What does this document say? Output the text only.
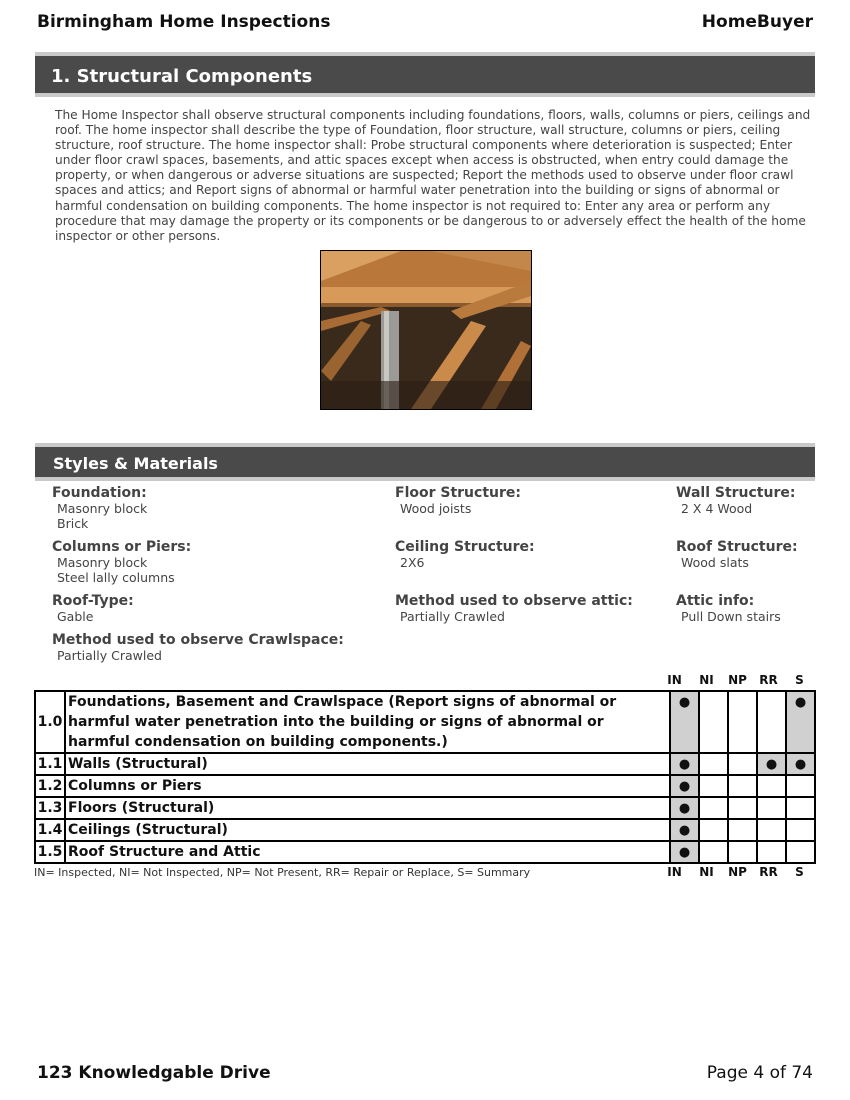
Birmingham Home Inspections	HomeBuyer
1. Structural Components
The Home Inspector shall observe structural components including foundations, floors, walls, columns or piers, ceilings and roof. The home inspector shall describe the type of Foundation, floor structure, wall structure, columns or piers, ceiling structure, roof structure. The home inspector shall: Probe structural components where deterioration is suspected; Enter under floor crawl spaces, basements, and attic spaces except when access is obstructed, when entry could damage the property, or when dangerous or adverse situations are suspected; Report the methods used to observe under floor crawl spaces and attics; and Report signs of abnormal or harmful water penetration into the building or signs of abnormal or harmful condensation on building components. The home inspector is not required to: Enter any area or perform any procedure that may damage the property or its components or be dangerous to or adversely effect the health of the home inspector or other persons.
Styles & Materials
Foundation:
Masonry block
Brick
Floor Structure:
Wood joists
Wall Structure:
2 X 4 Wood
Columns or Piers:
Masonry block
Steel lally columns
Ceiling Structure:
2X6
Roof Structure:
Wood slats
Roof-Type:
Gable
Method used to observe attic:
Partially Crawled
Attic info:
Pull Down stairs
Method used to observe Crawlspace:
Partially Crawled
IN	NI	NP	RR	S
1.0	Foundations, Basement and Crawlspace (Report signs of abnormal or harmful water penetration into the building or signs of abnormal or harmful condensation on building components.)	●				●
1.1	Walls (Structural)	●			●	●
1.2	Columns or Piers	●				
1.3	Floors (Structural)	●				
1.4	Ceilings (Structural)	●				
1.5	Roof Structure and Attic	●				
IN= Inspected, NI= Not Inspected, NP= Not Present, RR= Repair or Replace, S= Summary	IN	NI	NP	RR	S
123 Knowledgable Drive	Page 4 of 74
